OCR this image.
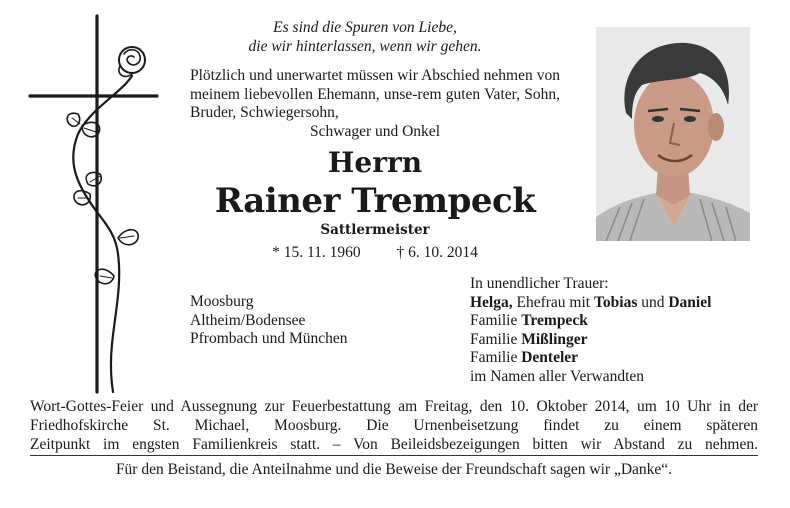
Es sind die Spuren von Liebe,
die wir hinterlassen, wenn wir gehen.
Plötzlich und unerwartet müssen wir Abschied nehmen von meinem liebevollen Ehemann, unse-rem guten Vater, Sohn, Bruder, Schwiegersohn,
Schwager und Onkel
Herrn
Rainer Trempeck
Sattlermeister
* 15. 11. 1960 † 6. 10. 2014
Moosburg
Altheim/Bodensee
Pfrombach und München
In unendlicher Trauer:
Helga, Ehefrau mit Tobias und Daniel
Familie Trempeck
Familie Mißlinger
Familie Denteler
im Namen aller Verwandten
Wort-Gottes-Feier und Aussegnung zur Feuerbestattung am Freitag, den 10. Oktober 2014, um 10 Uhr in der Friedhofskirche St. Michael, Moosburg. Die Urnenbeisetzung findet zu einem späteren
Zeitpunkt im engsten Familienkreis statt. – Von Beileidsbezeigungen bitten wir Abstand zu nehmen.
Für den Beistand, die Anteilnahme und die Beweise der Freundschaft sagen wir „Danke“.
